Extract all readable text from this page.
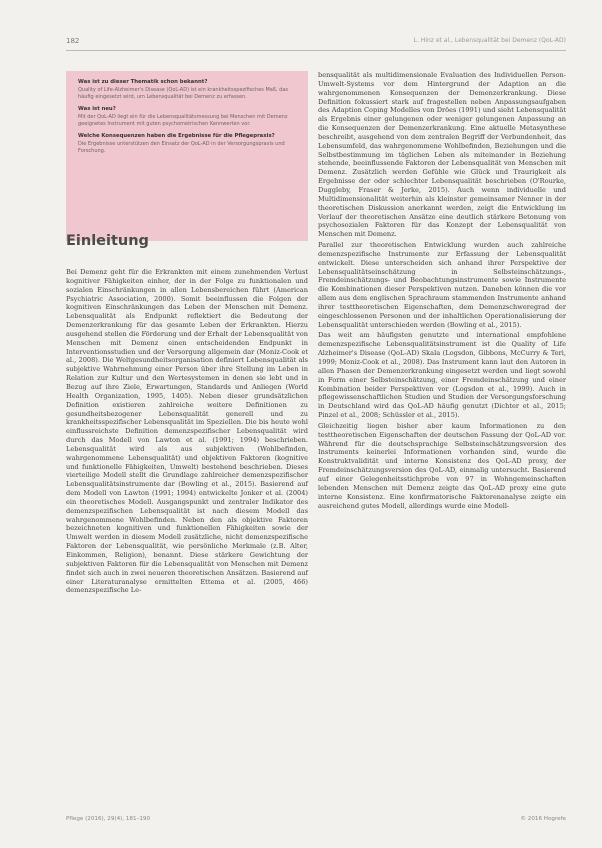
182	L. Hinz et al., Lebensqualität bei Demenz (QoL-AD)
Was ist zu dieser Thematik schon bekannt?
Quality of Life-Alzheimer's Disease (QoL-AD) ist ein krankheitsspezifisches Maß, das häufig eingesetzt wird, um Lebensqualität bei Demenz zu erfassen.
Was ist neu?
Mit der QoL-AD liegt ein für die Lebensqualitätsmessung bei Menschen mit Demenz geeignetes Instrument mit guten psychometrischen Kennwerten vor.
Welche Konsequenzen haben die Ergebnisse für die Pflegepraxis?
Die Ergebnisse unterstützen den Einsatz der QoL-AD in der Versorgungspraxis und Forschung.
Einleitung

Bei Demenz geht für die Erkrankten mit einem zunehmenden Verlust kognitiver Fähigkeiten einher, der in der Folge zu funktionalen und sozialen Einschränkungen in allen Lebensbereichen führt (American Psychiatric Association, 2000). Somit beeinflussen die Folgen der kognitiven Einschränkungen das Leben der Menschen mit Demenz. Lebensqualität als Endpunkt reflektiert die Bedeutung der Demenzerkrankung für das gesamte Leben der Erkrankten. Hierzu ausgehend stellen die Förderung und der Erhalt der Lebensqualität von Menschen mit Demenz einen entscheidenden Endpunkt in Interventionsstudien und der Versorgung allgemein dar (Moniz-Cook et al., 2008). Die Weltgesundheitsorganisation definiert Lebensqualität als subjektive Wahrnehmung einer Person über ihre Stellung im Leben in Relation zur Kultur und den Wertesystemen in denen sie lebt und in Bezug auf ihre Ziele, Erwartungen, Standards und Anliegen (World Health Organization, 1995, 1405). Neben dieser grundsätzlichen Definition existieren zahlreiche weitere Definitionen zu gesundheitsbezogener Lebensqualität generell und zu krankheitsspezifischer Lebensqualität im Speziellen. Die bis heute wohl einflussreichste Definition demenzspezifischer Lebensqualität wird durch das Modell von Lawton et al. (1991; 1994) beschrieben. Lebensqualität wird als aus subjektiven (Wohlbefinden, wahrgenommene Lebensqualität) und objektiven Faktoren (kognitive und funktionelle Fähigkeiten, Umwelt) bestehend beschrieben. Dieses vierteilige Modell stellt die Grundlage zahlreicher demenzspezifischer Lebensqualitätsinstrumente dar (Bowling et al., 2015). Basierend auf dem Modell von Lawton (1991; 1994) entwickelte Jonker et al. (2004) ein theoretisches Modell. Ausgangspunkt und zentraler Indikator des demenzspezifischen Lebensqualität ist nach diesem Modell das wahrgenommene Wohlbefinden. Neben den als objektive Faktoren bezeichneten kognitiven und funktionellen Fähigkeiten sowie der Umwelt werden in diesem Modell zusätzliche, nicht demenzspezifische Faktoren der Lebensqualität, wie persönliche Merkmale (z.B. Alter, Einkommen, Religion), benannt. Diese stärkere Gewichtung der subjektiven Faktoren für die Lebensqualität von Menschen mit Demenz findet sich auch in zwei neueren theoretischen Ansätzen. Basierend auf einer Literaturanalyse ermittelten Ettema et al. (2005, 466) demenzspezifische Le-

bensqualität als multidimensionale Evaluation des Individuellen Person-Umwelt-Systems vor dem Hintergrund der Adaption an die wahrgenommenen Konsequenzen der Demenzerkrankung. Diese Definition fokussiert stark auf fragestellen neben Anpassungsaufgaben des Adaption Coping Modelles von Dröes (1991) und sieht Lebensqualität als Ergebnis einer gelungenen oder weniger gelungenen Anpassung an die Konsequenzen der Demenzerkrankung. Eine aktuelle Metasynthese beschreibt, ausgehend von dem zentralen Begriff der Verbundenheit, das Lebensumfeld, das wahrgenommene Wohlbefinden, Beziehungen und die Selbstbestimmung im täglichen Leben als miteinander in Beziehung stehende, beeinflussende Faktoren der Lebensqualität von Menschen mit Demenz. Zusätzlich werden Gefühle wie Glück und Traurigkeit als Ergebnisse der oder schlechter Lebensqualität beschrieben (O'Rourke, Duggleby, Fraser & Jerke, 2015). Auch wenn individuelle und Multidimensionalität weiterhin als kleinster gemeinsamer Nenner in der theoretischen Diskussion anerkannt werden, zeigt die Entwicklung im Verlauf der theoretischen Ansätze eine deutlich stärkere Betonung von psychosozialen Faktoren für das Konzept der Lebensqualität von Menschen mit Demenz.

Parallel zur theoretischen Entwicklung wurden auch zahlreiche demenzspezifische Instrumente zur Erfassung der Lebensqualität entwickelt. Diese unterscheiden sich anhand ihrer Perspektive der Lebensqualitätseinschätzung in Selbsteinschätzungs-, Fremdeinschätzungs- und Beobachtungsinstrumente sowie Instrumente die Kombinationen dieser Perspektiven nutzen. Daneben können die vor allem aus dem englischen Sprachraum stammenden Instrumente anhand ihrer testtheoretischen Eigenschaften, dem Demenzschweregrad der eingeschlossenen Personen und der inhaltlichen Operationalisierung der Lebensqualität unterschieden werden (Bowling et al., 2015).

Das weit am häufigsten genutzte und international empfohlene demenzspezifische Lebensqualitätsinstrument ist die Quality of Life Alzheimer's Disease (QoL-AD) Skala (Logsdon, Gibbons, McCurry & Teri, 1999; Moniz-Cook et al., 2008). Das Instrument kann laut den Autoren in allen Phasen der Demenzerkrankung eingesetzt werden und liegt sowohl in Form einer Selbsteinschätzung, einer Fremdeinschätzung und einer Kombination beider Perspektiven vor (Logsdon et al., 1999). Auch in pflegewissenschaftlichen Studien und Studien der Versorgungsforschung in Deutschland wird das QoL-AD häufig genutzt (Dichter et al., 2015; Pinzel et al., 2008; Schüssler et al., 2015).

Gleichzeitig liegen bisher aber kaum Informationen zu den testtheoretischen Eigenschaften der deutschen Fassung der QoL-AD vor. Während für die deutschsprachige Selbsteinschätzungsversion des Instruments keinerlei Informationen vorhanden sind, wurde die Konstruktvalidität und interne Konsistenz des QoL-AD proxy, der Fremdeinschätzungsversion des QoL-AD, einmalig untersucht. Basierend auf einer Gelegenheitsstichprobe von 97 in Wohngemeinschaften lebenden Menschen mit Demenz zeigte das QoL-AD proxy eine gute interne Konsistenz. Eine konfirmatorische Faktorenanalyse zeigte ein ausreichend gutes Modell, allerdings wurde eine Modell-

Pflege (2016), 29(4), 181–190	© 2016 Hogrefe
